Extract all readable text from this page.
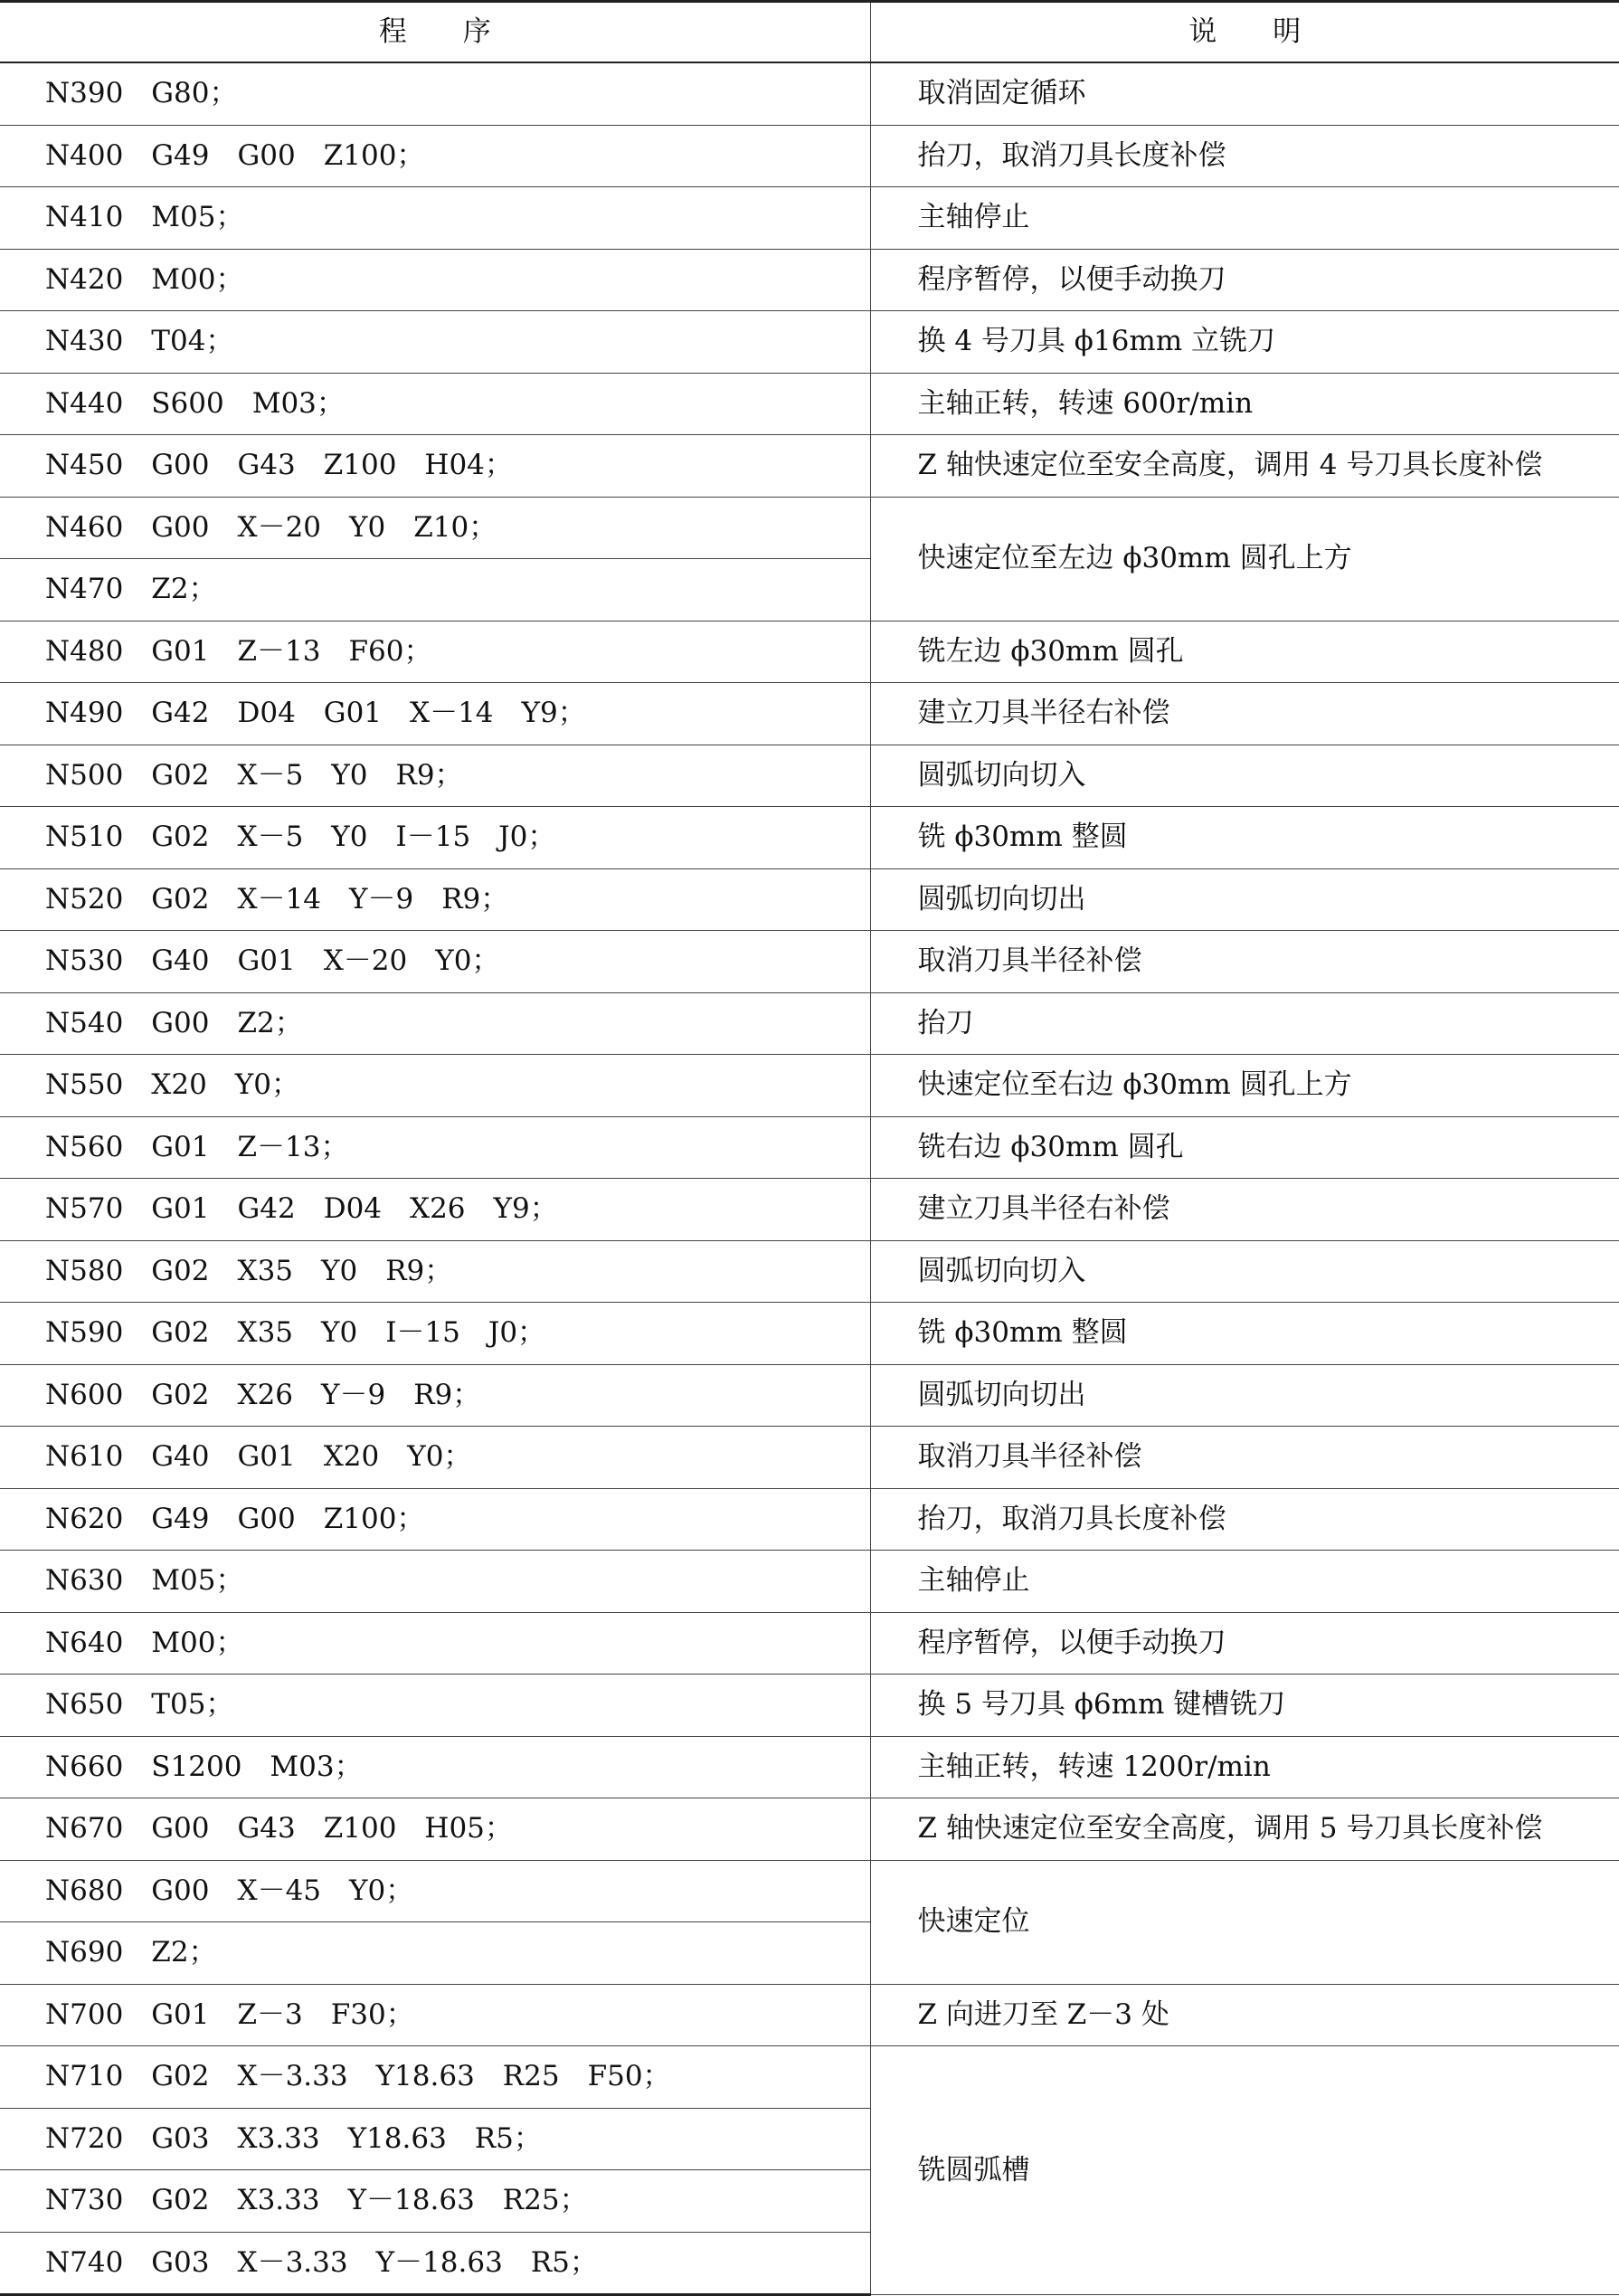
程　　序	说　　明
N390　G80；	取消固定循环
N400　G49　G00　Z100；	抬刀，取消刀具长度补偿
N410　M05；	主轴停止
N420　M00；	程序暂停，以便手动换刀
N430　T04；	换 4 号刀具 ϕ16mm 立铣刀
N440　S600　M03；	主轴正转，转速 600r/min
N450　G00　G43　Z100　H04；	Z 轴快速定位至安全高度，调用 4 号刀具长度补偿
N460　G00　X－20　Y0　Z10；	快速定位至左边 ϕ30mm 圆孔上方
N470　Z2；	
N480　G01　Z－13　F60；	铣左边 ϕ30mm 圆孔
N490　G42　D04　G01　X－14　Y9；	建立刀具半径右补偿
N500　G02　X－5　Y0　R9；	圆弧切向切入
N510　G02　X－5　Y0　I－15　J0；	铣 ϕ30mm 整圆
N520　G02　X－14　Y－9　R9；	圆弧切向切出
N530　G40　G01　X－20　Y0；	取消刀具半径补偿
N540　G00　Z2；	抬刀
N550　X20　Y0；	快速定位至右边 ϕ30mm 圆孔上方
N560　G01　Z－13；	铣右边 ϕ30mm 圆孔
N570　G01　G42　D04　X26　Y9；	建立刀具半径右补偿
N580　G02　X35　Y0　R9；	圆弧切向切入
N590　G02　X35　Y0　I－15　J0；	铣 ϕ30mm 整圆
N600　G02　X26　Y－9　R9；	圆弧切向切出
N610　G40　G01　X20　Y0；	取消刀具半径补偿
N620　G49　G00　Z100；	抬刀，取消刀具长度补偿
N630　M05；	主轴停止
N640　M00；	程序暂停，以便手动换刀
N650　T05；	换 5 号刀具 ϕ6mm 键槽铣刀
N660　S1200　M03；	主轴正转，转速 1200r/min
N670　G00　G43　Z100　H05；	Z 轴快速定位至安全高度，调用 5 号刀具长度补偿
N680　G00　X－45　Y0；	快速定位
N690　Z2；	
N700　G01　Z－3　F30；	Z 向进刀至 Z－3 处
N710　G02　X－3.33　Y18.63　R25　F50；	铣圆弧槽
N720　G03　X3.33　Y18.63　R5；	
N730　G02　X3.33　Y－18.63　R25；	
N740　G03　X－3.33　Y－18.63　R5；	
